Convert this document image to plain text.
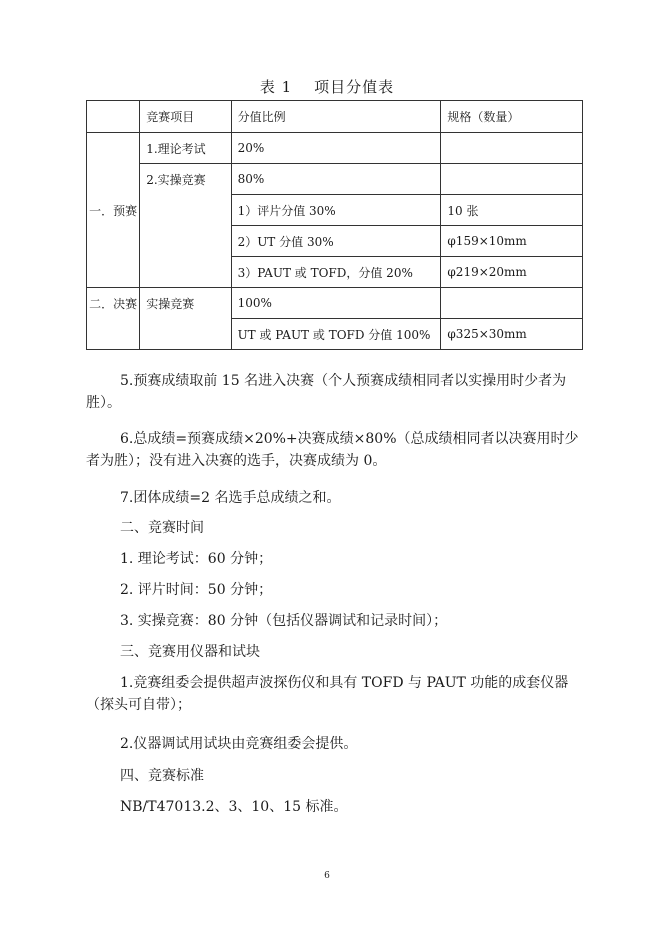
表 1 项目分值表
	竞赛项目	分值比例	规格（数量）
一．预赛	1.理论考试	20%	
	2.实操竞赛	80%	
		1）评片分值 30%	10 张
		2）UT 分值 30%	φ159×10mm
		3）PAUT 或 TOFD，分值 20%	φ219×20mm
二．决赛	实操竞赛	100%	
		UT 或 PAUT 或 TOFD 分值 100%	φ325×30mm

5.预赛成绩取前 15 名进入决赛（个人预赛成绩相同者以实操用时少者为胜）。

6.总成绩=预赛成绩×20%+决赛成绩×80%（总成绩相同者以决赛用时少者为胜）；没有进入决赛的选手，决赛成绩为 0。

7.团体成绩=2 名选手总成绩之和。

二、竞赛时间

1. 理论考试：60 分钟；

2. 评片时间：50 分钟；

3. 实操竞赛：80 分钟（包括仪器调试和记录时间）；

三、竞赛用仪器和试块

1.竞赛组委会提供超声波探伤仪和具有 TOFD 与 PAUT 功能的成套仪器（探头可自带）；

2.仪器调试用试块由竞赛组委会提供。

四、竞赛标准

NB/T47013.2、3、10、15 标准。

6
